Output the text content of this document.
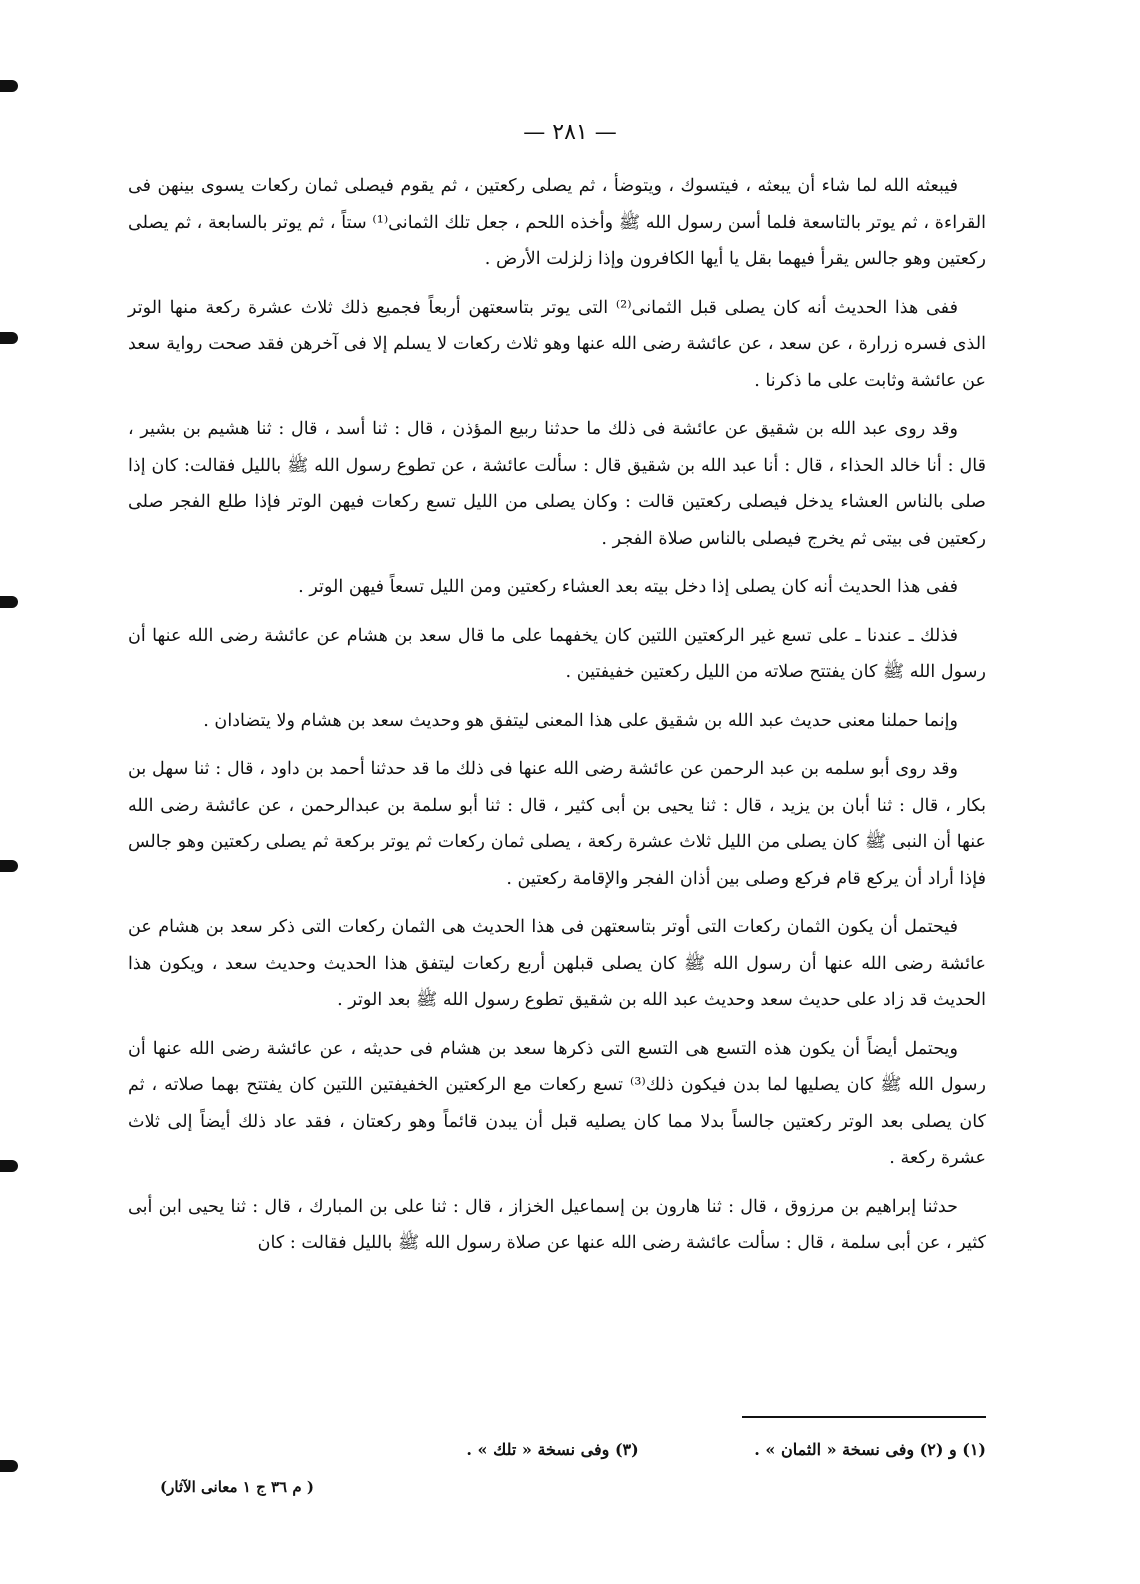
— ٢٨١ —

فيبعثه الله لما شاء أن يبعثه ، فيتسوك ، ويتوضأ ، ثم يصلى ركعتين ، ثم يقوم فيصلى ثمان ركعات يسوى بينهن فى القراءة ، ثم يوتر بالتاسعة فلما أسن رسول الله ﷺ وأخذه اللحم ، جعل تلك الثمانى⁽¹⁾ ستاً ، ثم يوتر بالسابعة ، ثم يصلى ركعتين وهو جالس يقرأ فيهما بقل يا أيها الكافرون وإذا زلزلت الأرض .

ففى هذا الحديث أنه كان يصلى قبل الثمانى⁽²⁾ التى يوتر بتاسعتهن أربعاً فجميع ذلك ثلاث عشرة ركعة منها الوتر الذى فسره زرارة ، عن سعد ، عن عائشة رضى الله عنها وهو ثلاث ركعات لا يسلم إلا فى آخرهن فقد صحت رواية سعد عن عائشة وثابت على ما ذكرنا .

وقد روى عبد الله بن شقيق عن عائشة فى ذلك ما حدثنا ربيع المؤذن ، قال : ثنا أسد ، قال : ثنا هشيم بن بشير ، قال : أنا خالد الحذاء ، قال : أنا عبد الله بن شقيق قال : سألت عائشة ، عن تطوع رسول الله ﷺ بالليل فقالت: كان إذا صلى بالناس العشاء يدخل فيصلى ركعتين قالت : وكان يصلى من الليل تسع ركعات فيهن الوتر فإذا طلع الفجر صلى ركعتين فى بيتى ثم يخرج فيصلى بالناس صلاة الفجر .

ففى هذا الحديث أنه كان يصلى إذا دخل بيته بعد العشاء ركعتين ومن الليل تسعاً فيهن الوتر .

فذلك ـ عندنا ـ على تسع غير الركعتين اللتين كان يخفهما على ما قال سعد بن هشام عن عائشة رضى الله عنها أن رسول الله ﷺ كان يفتتح صلاته من الليل ركعتين خفيفتين .

وإنما حملنا معنى حديث عبد الله بن شقيق على هذا المعنى ليتفق هو وحديث سعد بن هشام ولا يتضادان .

وقد روى أبو سلمه بن عبد الرحمن عن عائشة رضى الله عنها فى ذلك ما قد حدثنا أحمد بن داود ، قال : ثنا سهل بن بكار ، قال : ثنا أبان بن يزيد ، قال : ثنا يحيى بن أبى كثير ، قال : ثنا أبو سلمة بن عبدالرحمن ، عن عائشة رضى الله عنها أن النبى ﷺ كان يصلى من الليل ثلاث عشرة ركعة ، يصلى ثمان ركعات ثم يوتر بركعة ثم يصلى ركعتين وهو جالس فإذا أراد أن يركع قام فركع وصلى بين أذان الفجر والإقامة ركعتين .

فيحتمل أن يكون الثمان ركعات التى أوتر بتاسعتهن فى هذا الحديث هى الثمان ركعات التى ذكر سعد بن هشام عن عائشة رضى الله عنها أن رسول الله ﷺ كان يصلى قبلهن أربع ركعات ليتفق هذا الحديث وحديث سعد ، ويكون هذا الحديث قد زاد على حديث سعد وحديث عبد الله بن شقيق تطوع رسول الله ﷺ بعد الوتر .

ويحتمل أيضاً أن يكون هذه التسع هى التسع التى ذكرها سعد بن هشام فى حديثه ، عن عائشة رضى الله عنها أن رسول الله ﷺ كان يصليها لما بدن فيكون ذلك⁽³⁾ تسع ركعات مع الركعتين الخفيفتين اللتين كان يفتتح بهما صلاته ، ثم كان يصلى بعد الوتر ركعتين جالساً بدلا مما كان يصليه قبل أن يبدن قائماً وهو ركعتان ، فقد عاد ذلك أيضاً إلى ثلاث عشرة ركعة .

حدثنا إبراهيم بن مرزوق ، قال : ثنا هارون بن إسماعيل الخزاز ، قال : ثنا على بن المبارك ، قال : ثنا يحيى ابن أبى كثير ، عن أبى سلمة ، قال : سألت عائشة رضى الله عنها عن صلاة رسول الله ﷺ بالليل فقالت : كان

(١) و (٢) وفى نسخة « الثمان » . (٣) وفى نسخة « تلك » .
( م ٣٦ ج ١ معانى الآثار)
